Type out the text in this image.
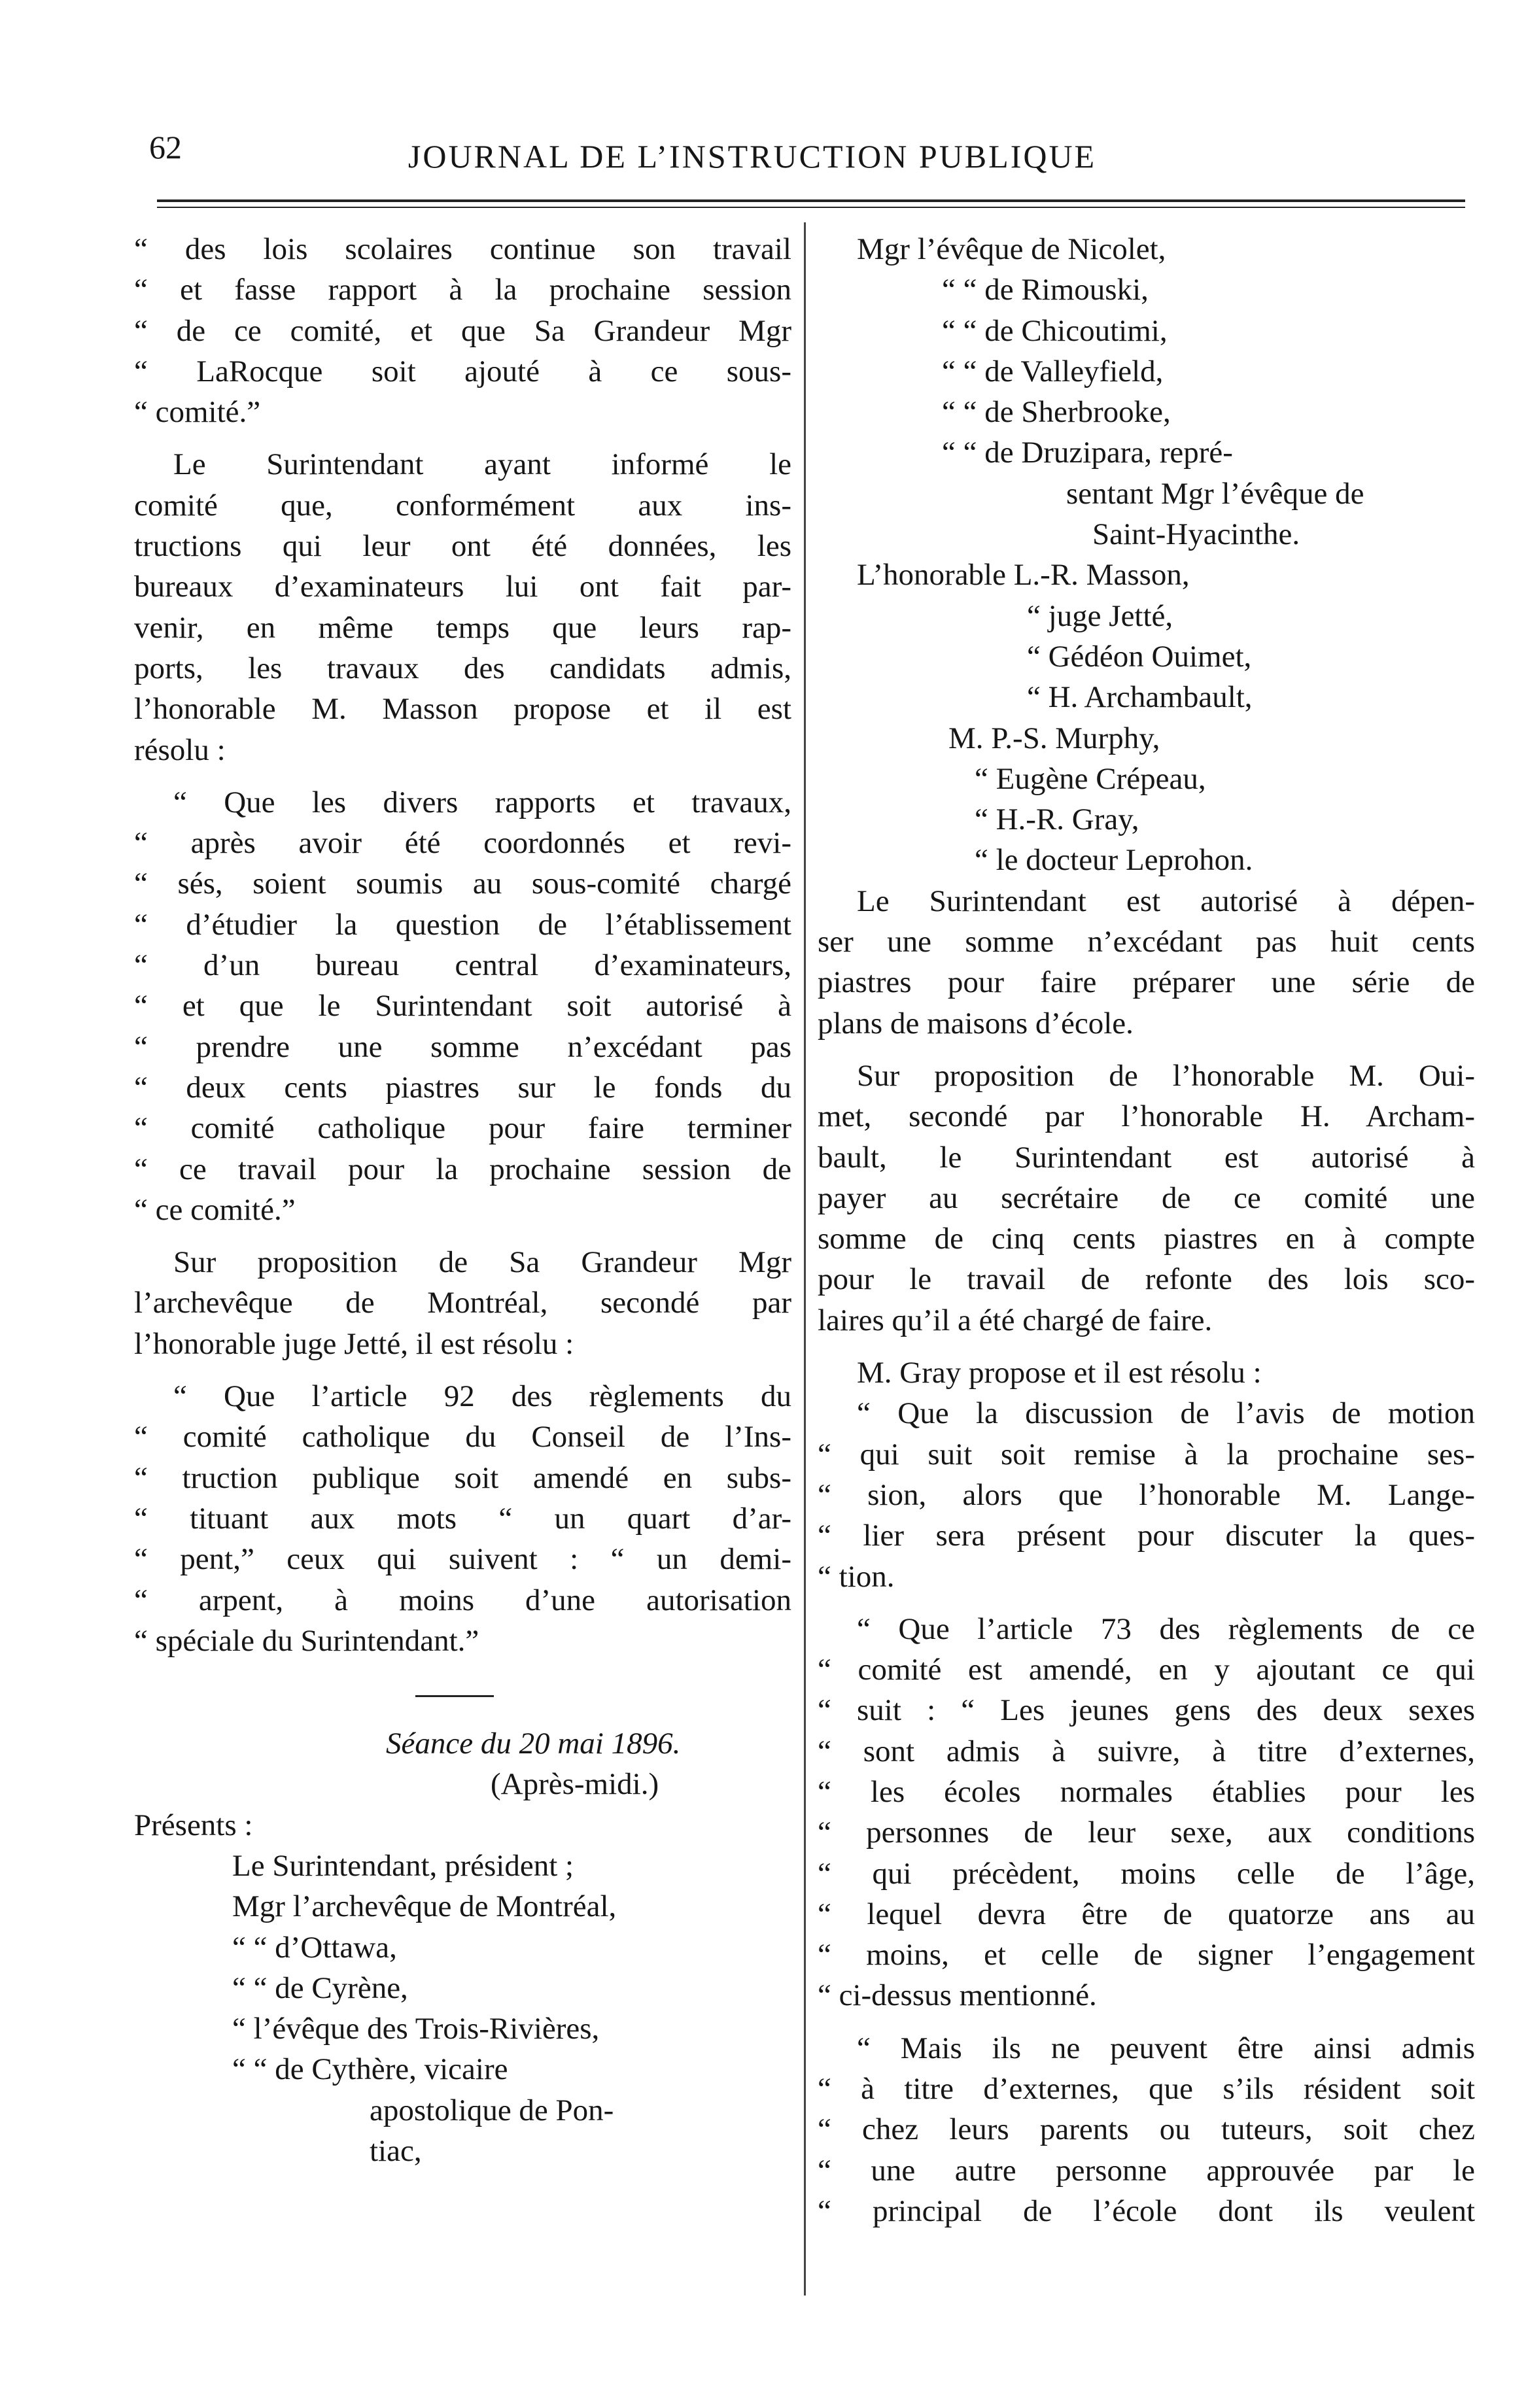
62	JOURNAL DE L’INSTRUCTION PUBLIQUE
“ des lois scolaires continue son travail
“ et fasse rapport à la prochaine session
“ de ce comité, et que Sa Grandeur Mgr
“ LaRocque soit ajouté à ce sous-
“ comité.”
Le Surintendant ayant informé le
comité que, conformément aux ins-
tructions qui leur ont été données, les
bureaux d’examinateurs lui ont fait par-
venir, en même temps que leurs rap-
ports, les travaux des candidats admis,
l’honorable M. Masson propose et il est
résolu :
“ Que les divers rapports et travaux,
“ après avoir été coordonnés et revi-
“ sés, soient soumis au sous-comité chargé
“ d’étudier la question de l’établissement
“ d’un bureau central d’examinateurs,
“ et que le Surintendant soit autorisé à
“ prendre une somme n’excédant pas
“ deux cents piastres sur le fonds du
“ comité catholique pour faire terminer
“ ce travail pour la prochaine session de
“ ce comité.”
Sur proposition de Sa Grandeur Mgr
l’archevêque de Montréal, secondé par
l’honorable juge Jetté, il est résolu :
“ Que l’article 92 des règlements du
“ comité catholique du Conseil de l’Ins-
“ truction publique soit amendé en subs-
“ tituant aux mots “ un quart d’ar-
“ pent,” ceux qui suivent : “ un demi-
“ arpent, à moins d’une autorisation
“ spéciale du Surintendant.”
Séance du 20 mai 1896.
(Après-midi.)
Présents :
Le Surintendant, président ;
Mgr l’archevêque de Montréal,
“ “ d’Ottawa,
“ “ de Cyrène,
“ l’évêque des Trois-Rivières,
“ “ de Cythère, vicaire
apostolique de Pon-
tiac,
Mgr l’évêque de Nicolet,
“ “ de Rimouski,
“ “ de Chicoutimi,
“ “ de Valleyfield,
“ “ de Sherbrooke,
“ “ de Druzipara, repré-
sentant Mgr l’évêque de
Saint-Hyacinthe.
L’honorable L.-R. Masson,
“ juge Jetté,
“ Gédéon Ouimet,
“ H. Archambault,
M. P.-S. Murphy,
“ Eugène Crépeau,
“ H.-R. Gray,
“ le docteur Leprohon.
Le Surintendant est autorisé à dépen-
ser une somme n’excédant pas huit cents
piastres pour faire préparer une série de
plans de maisons d’école.
Sur proposition de l’honorable M. Oui-
met, secondé par l’honorable H. Archam-
bault, le Surintendant est autorisé à
payer au secrétaire de ce comité une
somme de cinq cents piastres en à compte
pour le travail de refonte des lois sco-
laires qu’il a été chargé de faire.
M. Gray propose et il est résolu :
“ Que la discussion de l’avis de motion
“ qui suit soit remise à la prochaine ses-
“ sion, alors que l’honorable M. Lange-
“ lier sera présent pour discuter la ques-
“ tion.
“ Que l’article 73 des règlements de ce
“ comité est amendé, en y ajoutant ce qui
“ suit : “ Les jeunes gens des deux sexes
“ sont admis à suivre, à titre d’externes,
“ les écoles normales établies pour les
“ personnes de leur sexe, aux conditions
“ qui précèdent, moins celle de l’âge,
“ lequel devra être de quatorze ans au
“ moins, et celle de signer l’engagement
“ ci-dessus mentionné.
“ Mais ils ne peuvent être ainsi admis
“ à titre d’externes, que s’ils résident soit
“ chez leurs parents ou tuteurs, soit chez
“ une autre personne approuvée par le
“ principal de l’école dont ils veulent
